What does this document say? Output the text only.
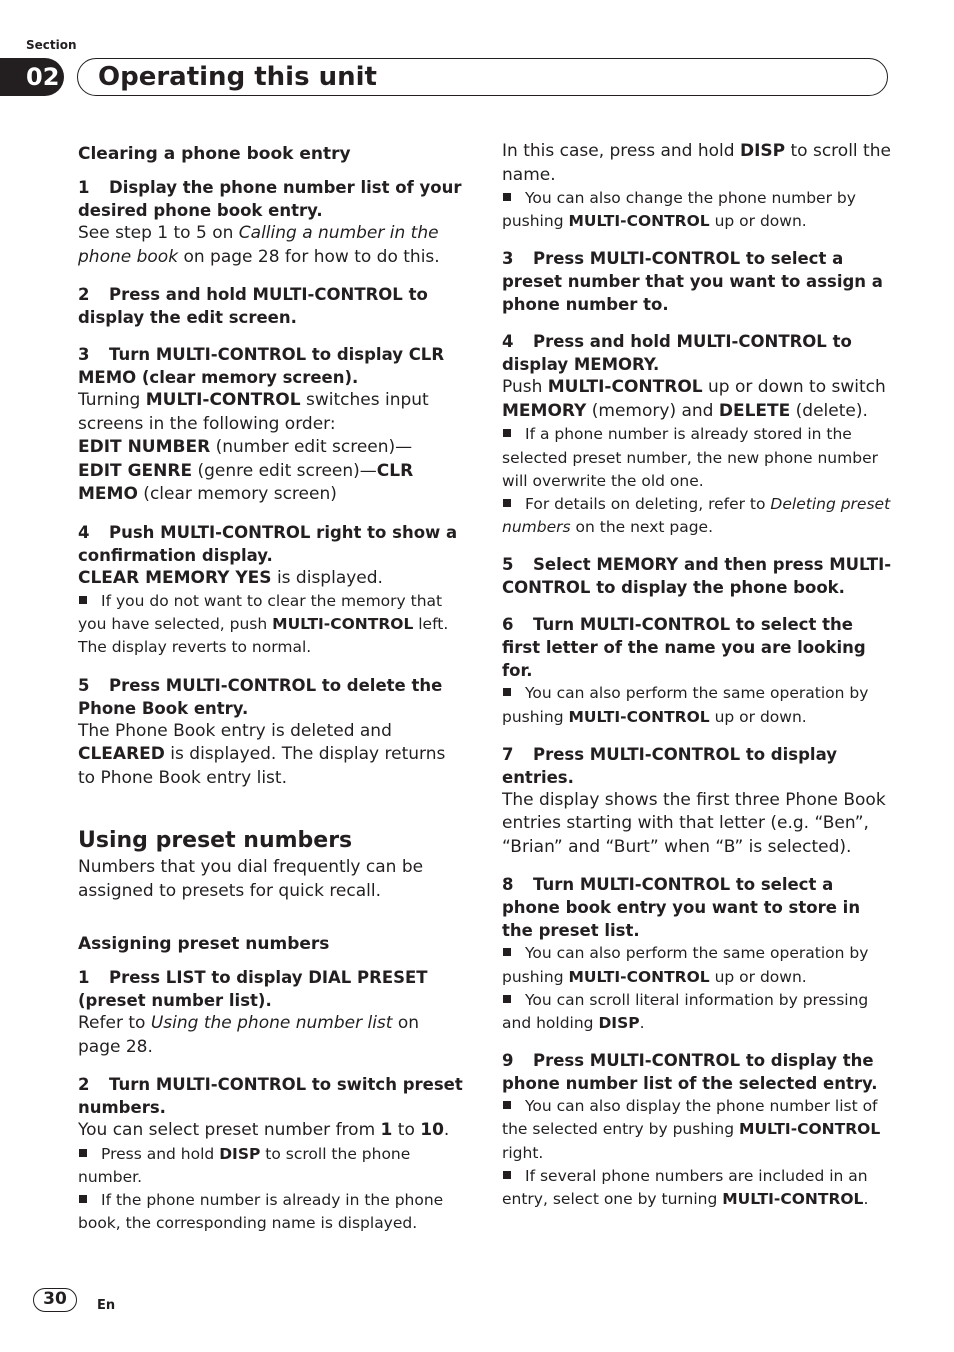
Section
02 Operating this unit

Clearing a phone book entry

1 Display the phone number list of your desired phone book entry.

See step 1 to 5 on Calling a number in the phone book on page 28 for how to do this.

2 Press and hold MULTI-CONTROL to display the edit screen.

3 Turn MULTI-CONTROL to display CLR MEMO (clear memory screen).

Turning MULTI-CONTROL switches input screens in the following order:
EDIT NUMBER (number edit screen)—
EDIT GENRE (genre edit screen)—CLR MEMO (clear memory screen)

4 Push MULTI-CONTROL right to show a confirmation display.

CLEAR MEMORY YES is displayed.

If you do not want to clear the memory that you have selected, push MULTI-CONTROL left. The display reverts to normal.

5 Press MULTI-CONTROL to delete the Phone Book entry.

The Phone Book entry is deleted and CLEARED is displayed. The display returns to Phone Book entry list.

Using preset numbers

Numbers that you dial frequently can be assigned to presets for quick recall.

Assigning preset numbers

1 Press LIST to display DIAL PRESET (preset number list).

Refer to Using the phone number list on page 28.

2 Turn MULTI-CONTROL to switch preset numbers.

You can select preset number from 1 to 10.

Press and hold DISP to scroll the phone number.

If the phone number is already in the phone book, the corresponding name is displayed.

In this case, press and hold DISP to scroll the name.

You can also change the phone number by pushing MULTI-CONTROL up or down.

3 Press MULTI-CONTROL to select a preset number that you want to assign a phone number to.

4 Press and hold MULTI-CONTROL to display MEMORY.

Push MULTI-CONTROL up or down to switch MEMORY (memory) and DELETE (delete).

If a phone number is already stored in the selected preset number, the new phone number will overwrite the old one.

For details on deleting, refer to Deleting preset numbers on the next page.

5 Select MEMORY and then press MULTI-CONTROL to display the phone book.

6 Turn MULTI-CONTROL to select the first letter of the name you are looking for.

You can also perform the same operation by pushing MULTI-CONTROL up or down.

7 Press MULTI-CONTROL to display entries.

The display shows the first three Phone Book entries starting with that letter (e.g. “Ben”, “Brian” and “Burt” when “B” is selected).

8 Turn MULTI-CONTROL to select a phone book entry you want to store in the preset list.

You can also perform the same operation by pushing MULTI-CONTROL up or down.

You can scroll literal information by pressing and holding DISP.

9 Press MULTI-CONTROL to display the phone number list of the selected entry.

You can also display the phone number list of the selected entry by pushing MULTI-CONTROL right.

If several phone numbers are included in an entry, select one by turning MULTI-CONTROL.

30	En
